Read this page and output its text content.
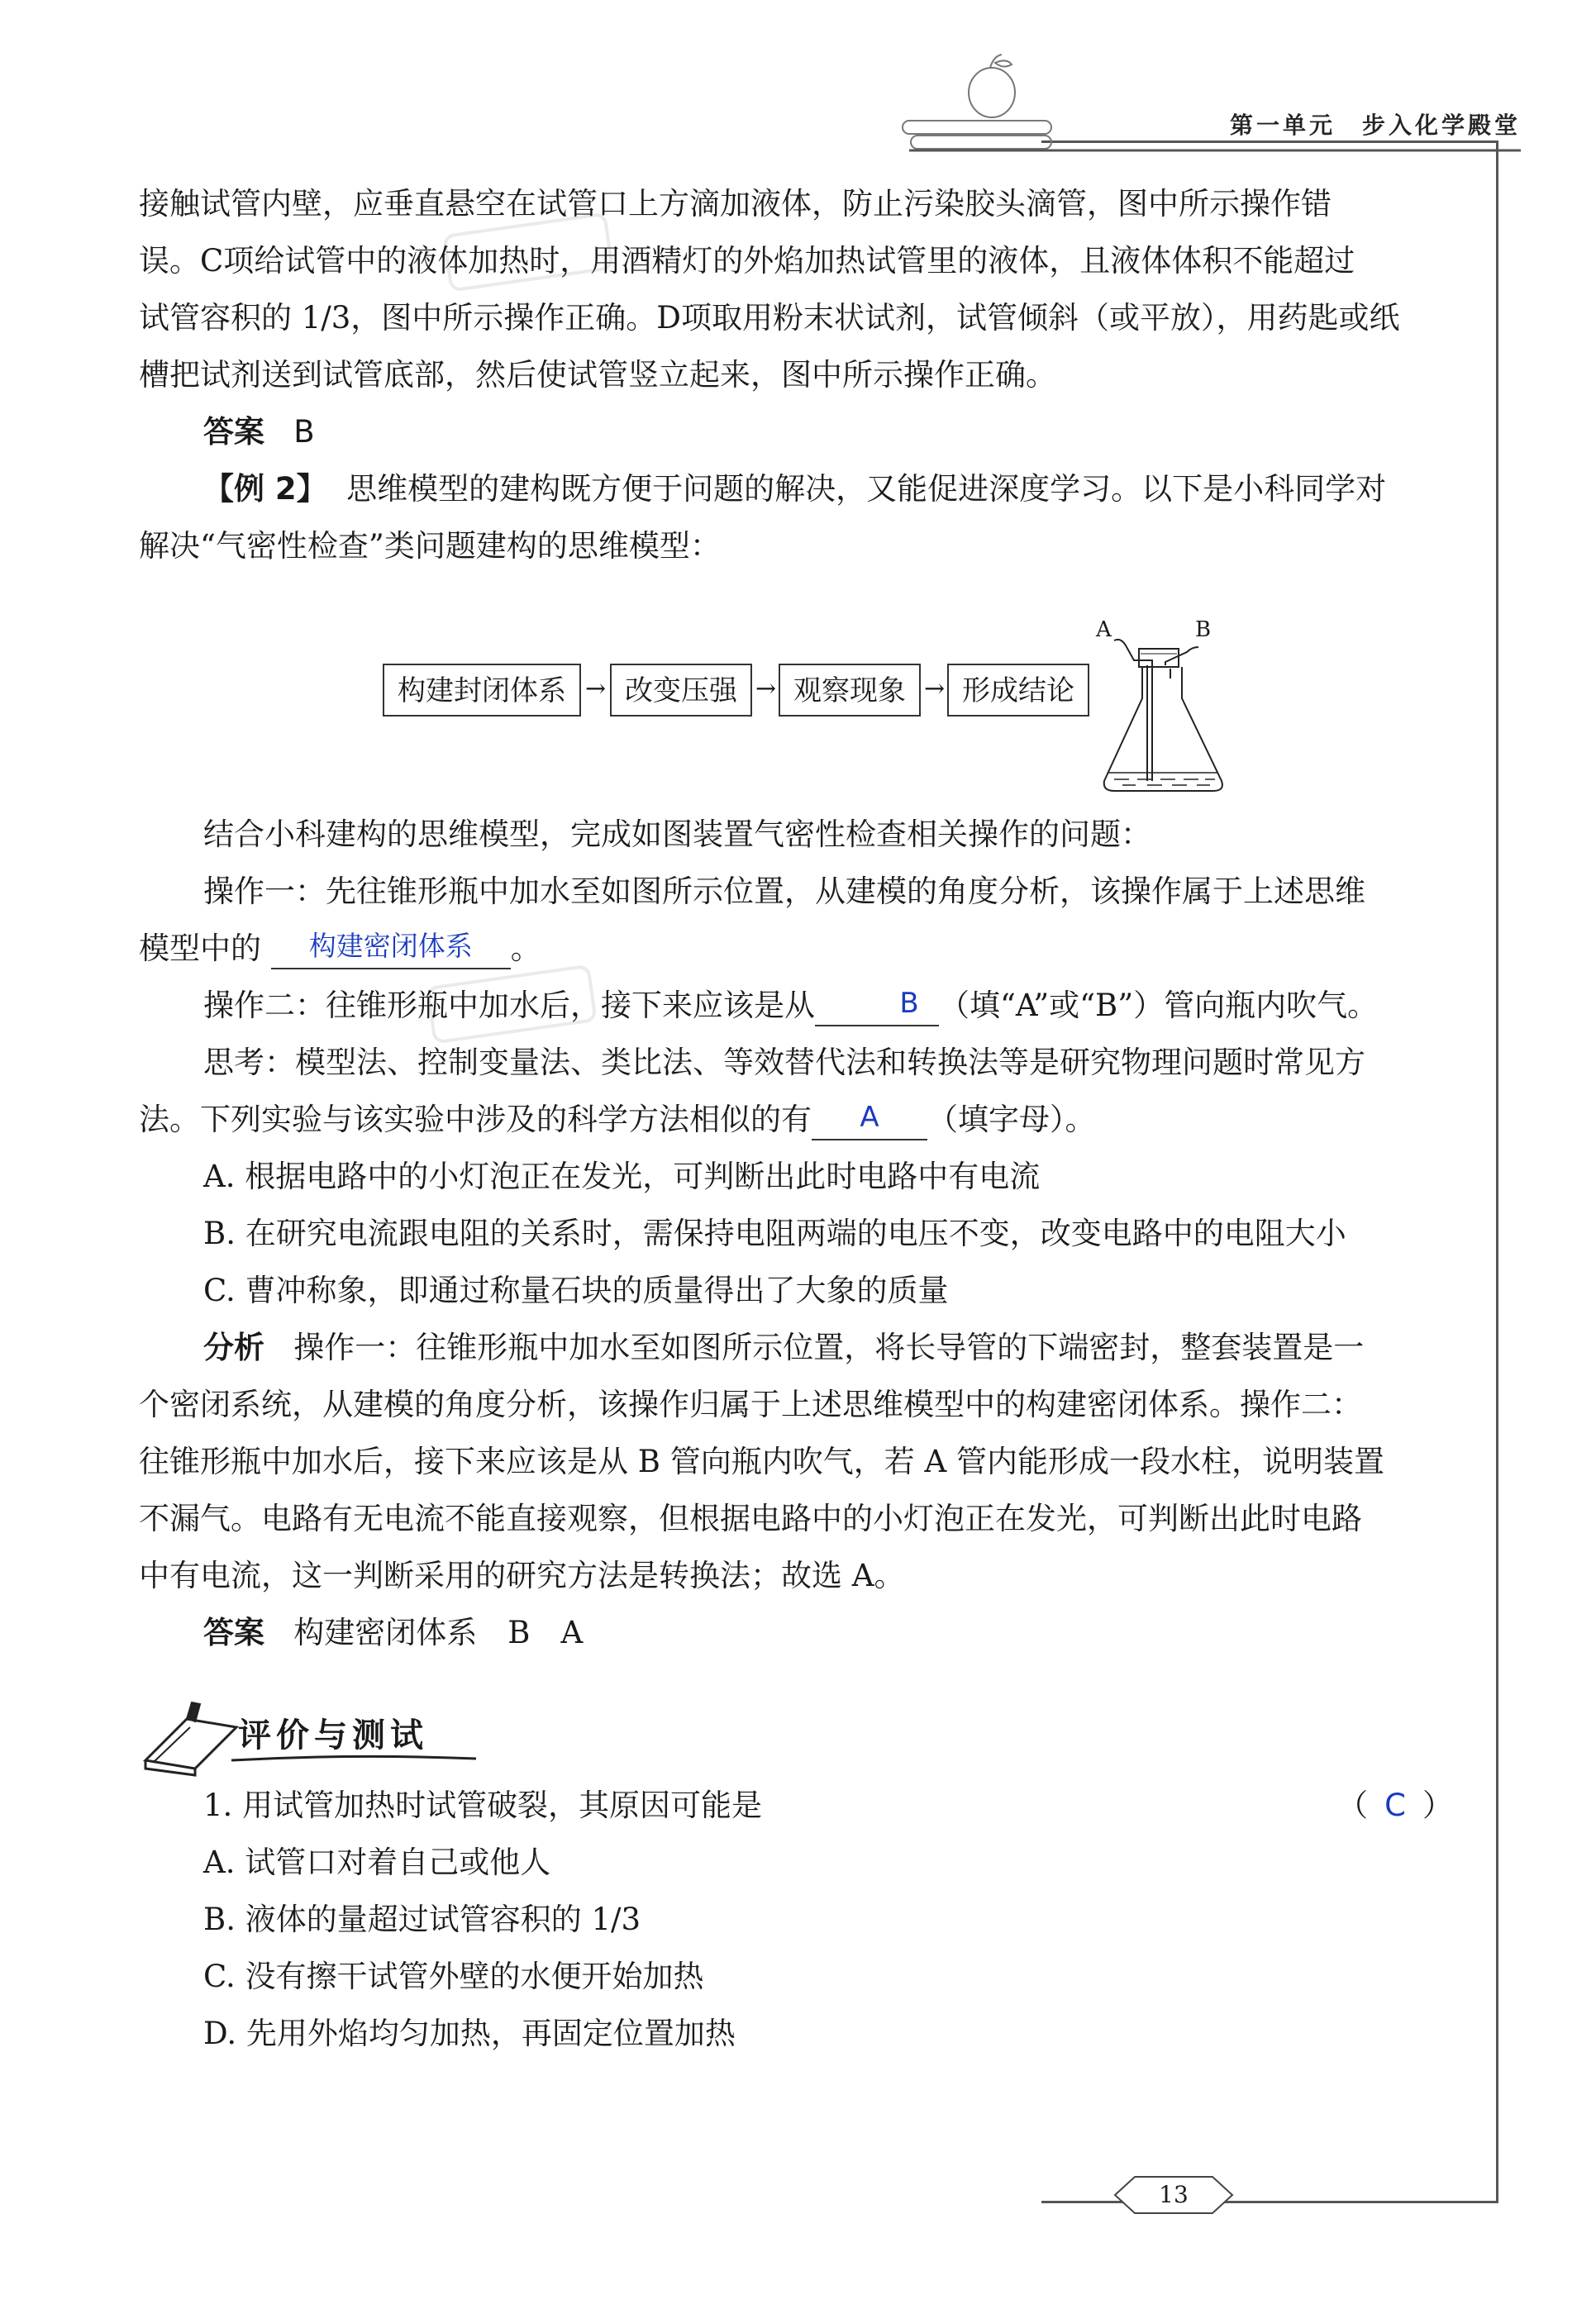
第一单元　步入化学殿堂

接触试管内壁，应垂直悬空在试管口上方滴加液体，防止污染胶头滴管，图中所示操作错

误。C项给试管中的液体加热时，用酒精灯的外焰加热试管里的液体，且液体体积不能超过

试管容积的 1/3，图中所示操作正确。D项取用粉末状试剂，试管倾斜（或平放），用药匙或纸

槽把试剂送到试管底部，然后使试管竖立起来，图中所示操作正确。

答案 B

【例 2】 思维模型的建构既方便于问题的解决，又能促进深度学习。以下是小科同学对

解决“气密性检查”类问题建构的思维模型：

构建封闭体系 → 改变压强 → 观察现象 → 形成结论
A	B

结合小科建构的思维模型，完成如图装置气密性检查相关操作的问题：

操作一：先往锥形瓶中加水至如图所示位置，从建模的角度分析，该操作属于上述思维

模型中的 构建密闭体系 。

操作二：往锥形瓶中加水后，接下来应该是从	B （填“A”或“B”）管向瓶内吹气。

思考：模型法、控制变量法、类比法、等效替代法和转换法等是研究物理问题时常见方

法。下列实验与该实验中涉及的科学方法相似的有 A （填字母）。

A. 根据电路中的小灯泡正在发光，可判断出此时电路中有电流

B. 在研究电流跟电阻的关系时，需保持电阻两端的电压不变，改变电路中的电阻大小

C. 曹冲称象，即通过称量石块的质量得出了大象的质量

分析 操作一：往锥形瓶中加水至如图所示位置，将长导管的下端密封，整套装置是一

个密闭系统，从建模的角度分析，该操作归属于上述思维模型中的构建密闭体系。操作二：

往锥形瓶中加水后，接下来应该是从 B 管向瓶内吹气，若 A 管内能形成一段水柱，说明装置

不漏气。电路有无电流不能直接观察，但根据电路中的小灯泡正在发光，可判断出此时电路

中有电流，这一判断采用的研究方法是转换法；故选 A。

答案 构建密闭体系　B　A

评价与测试

1. 用试管加热时试管破裂，其原因可能是	（ C ）

A. 试管口对着自己或他人

B. 液体的量超过试管容积的 1/3

C. 没有擦干试管外壁的水便开始加热

D. 先用外焰均匀加热，再固定位置加热

13
